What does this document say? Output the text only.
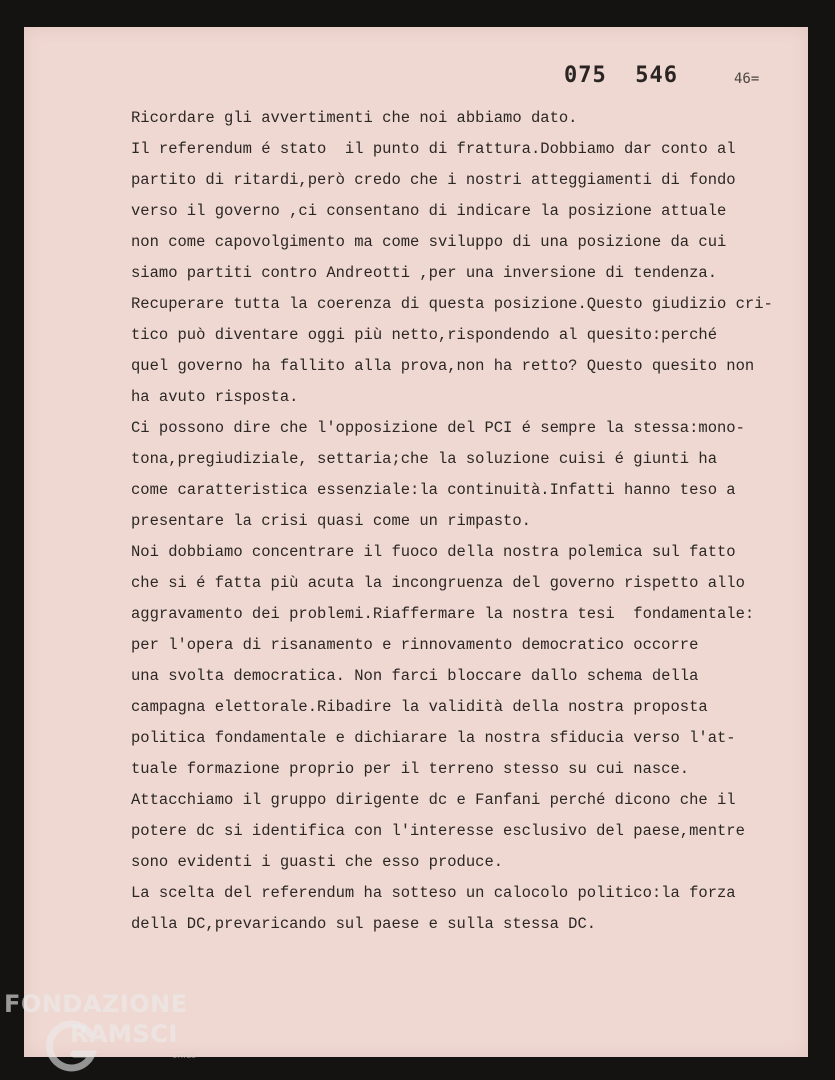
075  546	46=
Ricordare gli avvertimenti che noi abbiamo dato.
Il referendum é stato  il punto di frattura.Dobbiamo dar conto al
partito di ritardi,però credo che i nostri atteggiamenti di fondo
verso il governo ,ci consentano di indicare la posizione attuale
non come capovolgimento ma come sviluppo di una posizione da cui
siamo partiti contro Andreotti ,per una inversione di tendenza.
Recuperare tutta la coerenza di questa posizione.Questo giudizio cri-
tico può diventare oggi più netto,rispondendo al quesito:perché
quel governo ha fallito alla prova,non ha retto? Questo quesito non
ha avuto risposta.
Ci possono dire che l'opposizione del PCI é sempre la stessa:mono-
tona,pregiudiziale, settaria;che la soluzione cuisi é giunti ha
come caratteristica essenziale:la continuità.Infatti hanno teso a
presentare la crisi quasi come un rimpasto.
Noi dobbiamo concentrare il fuoco della nostra polemica sul fatto
che si é fatta più acuta la incongruenza del governo rispetto allo
aggravamento dei problemi.Riaffermare la nostra tesi  fondamentale:
per l'opera di risanamento e rinnovamento democratico occorre
una svolta democratica. Non farci bloccare dallo schema della
campagna elettorale.Ribadire la validità della nostra proposta
politica fondamentale e dichiarare la nostra sfiducia verso l'at-
tuale formazione proprio per il terreno stesso su cui nasce.
Attacchiamo il gruppo dirigente dc e Fanfani perché dicono che il
potere dc si identifica con l'interesse esclusivo del paese,mentre
sono evidenti i guasti che esso produce.
La scelta del referendum ha sotteso un calocolo politico:la forza
della DC,prevaricando sul paese e sulla stessa DC.
FONDAZIONE
RAMSCI
onlus
